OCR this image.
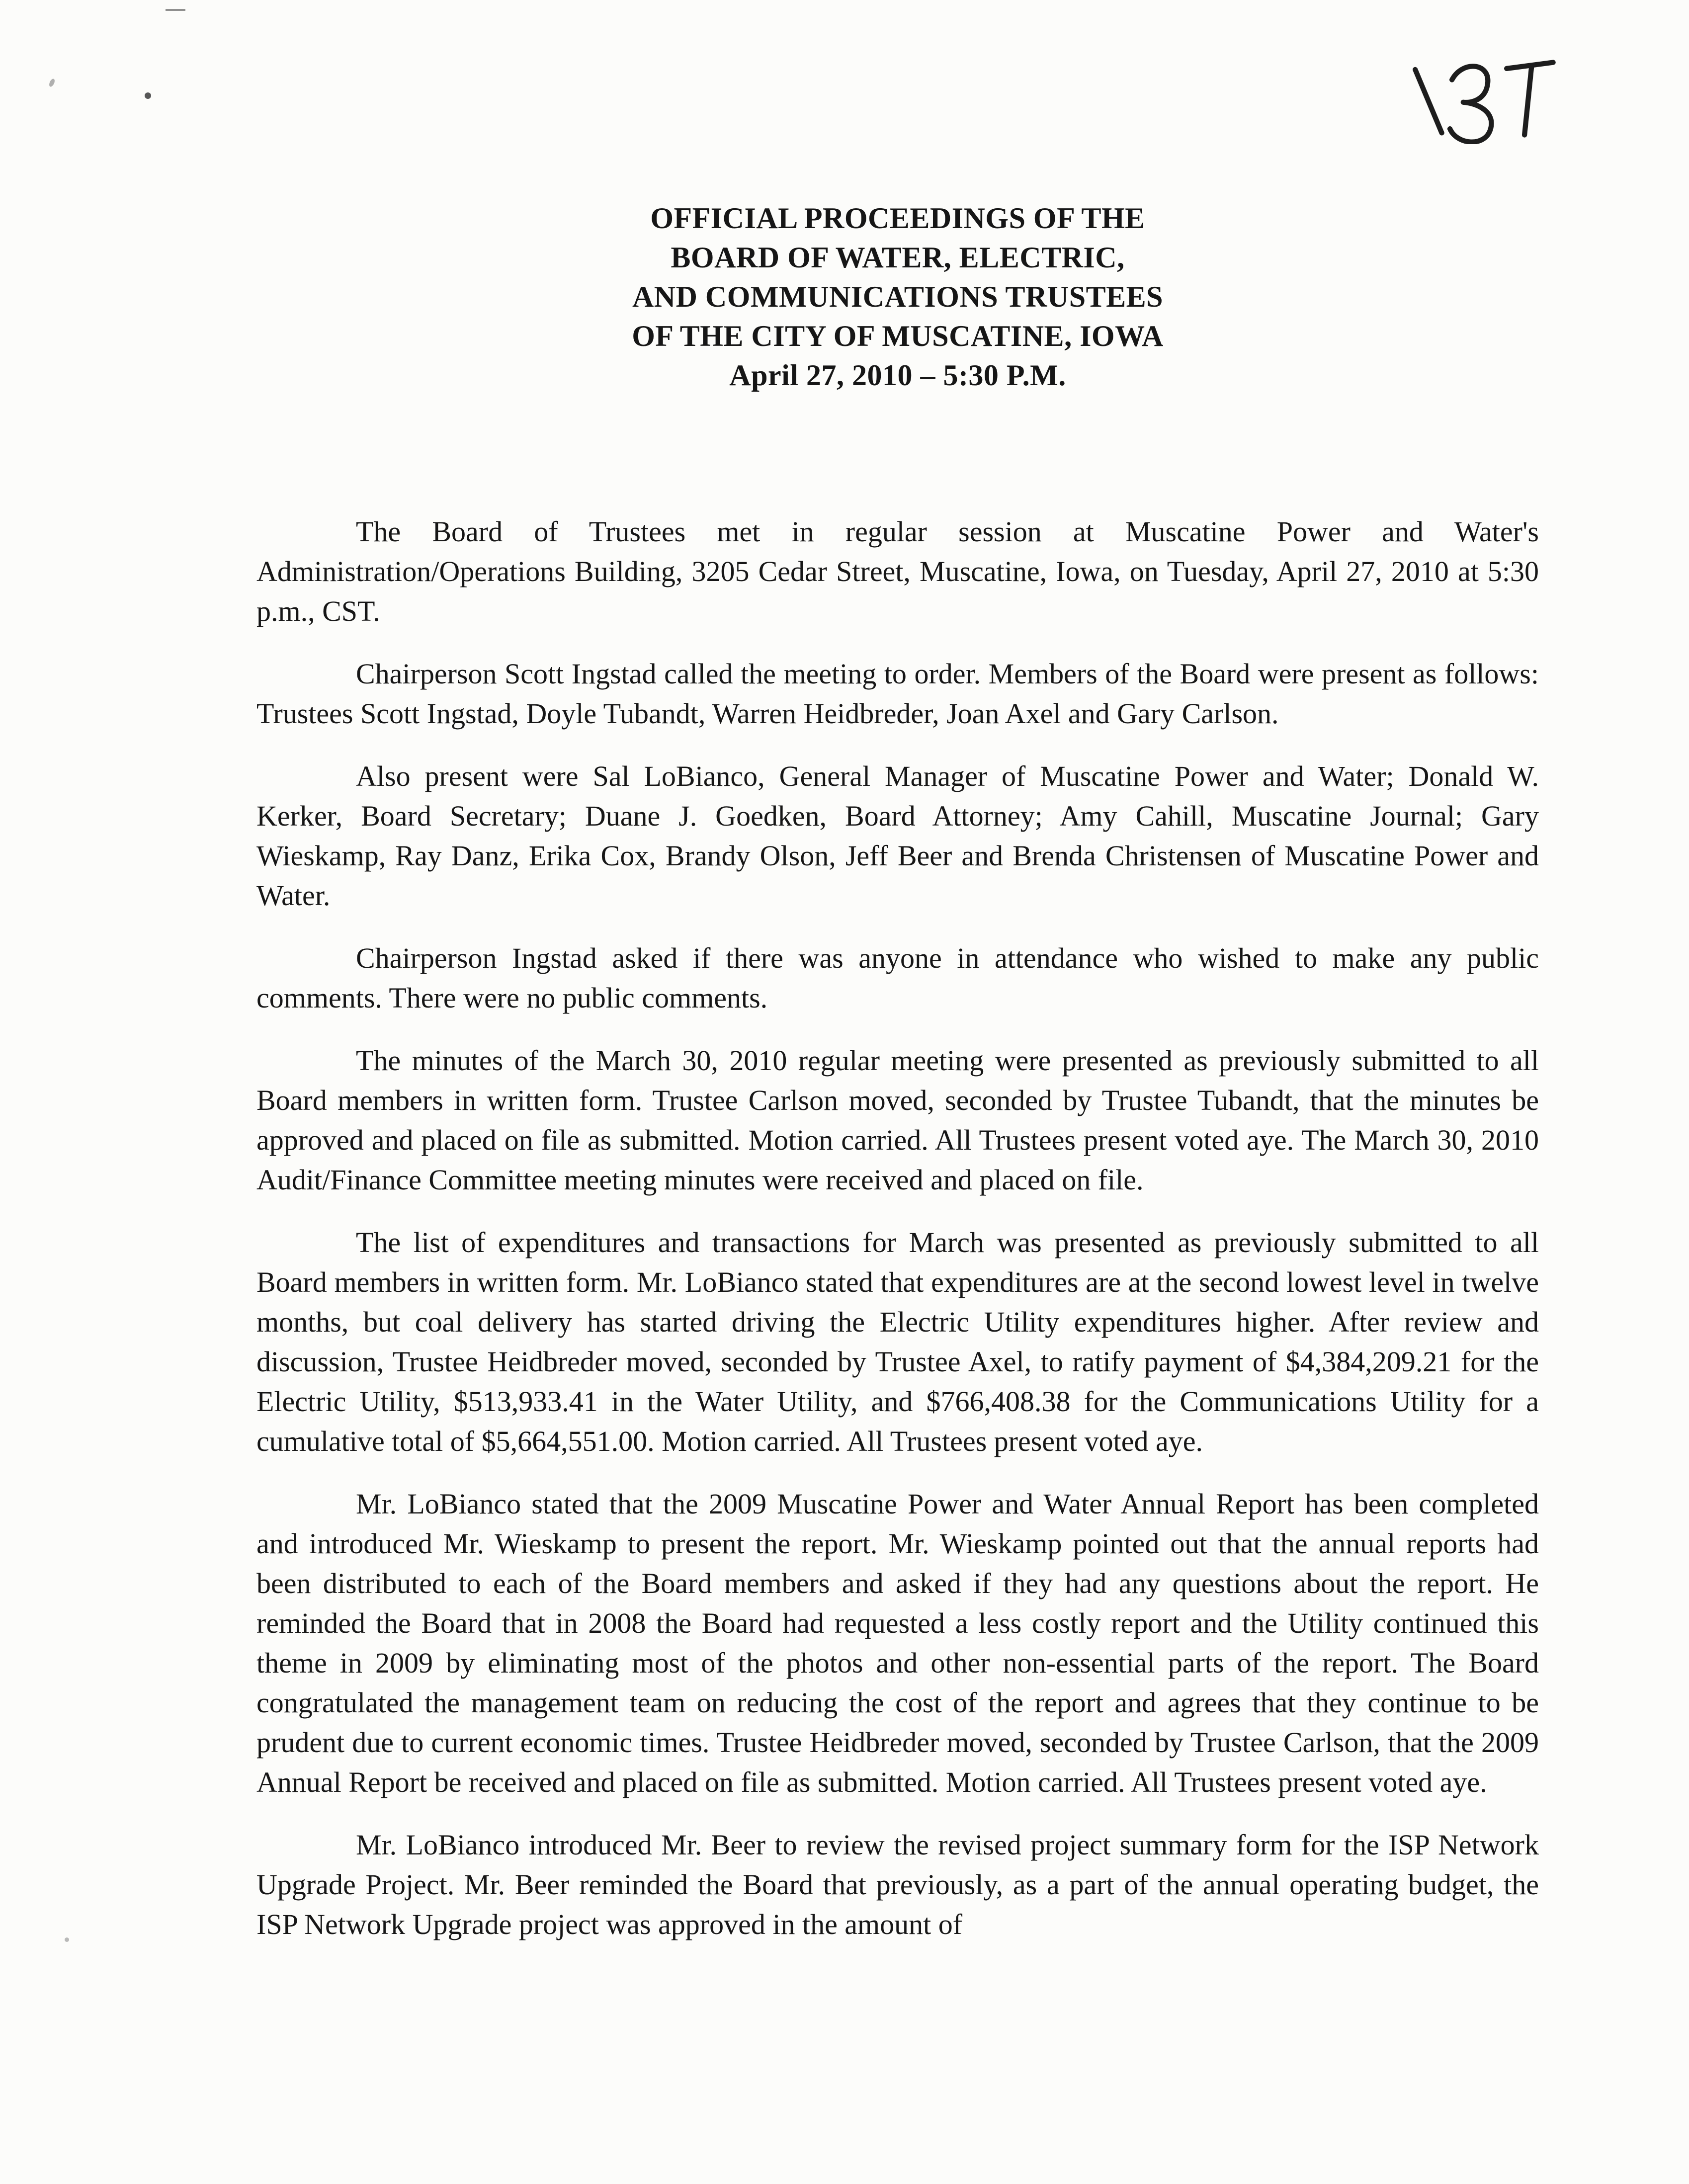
OFFICIAL PROCEEDINGS OF THE
BOARD OF WATER, ELECTRIC,
AND COMMUNICATIONS TRUSTEES
OF THE CITY OF MUSCATINE, IOWA
April 27, 2010 – 5:30 P.M.

The Board of Trustees met in regular session at Muscatine Power and Water's Administration/Operations Building, 3205 Cedar Street, Muscatine, Iowa, on Tuesday, April 27, 2010 at 5:30 p.m., CST.

Chairperson Scott Ingstad called the meeting to order. Members of the Board were present as follows: Trustees Scott Ingstad, Doyle Tubandt, Warren Heidbreder, Joan Axel and Gary Carlson.

Also present were Sal LoBianco, General Manager of Muscatine Power and Water; Donald W. Kerker, Board Secretary; Duane J. Goedken, Board Attorney; Amy Cahill, Muscatine Journal; Gary Wieskamp, Ray Danz, Erika Cox, Brandy Olson, Jeff Beer and Brenda Christensen of Muscatine Power and Water.

Chairperson Ingstad asked if there was anyone in attendance who wished to make any public comments. There were no public comments.

The minutes of the March 30, 2010 regular meeting were presented as previously submitted to all Board members in written form. Trustee Carlson moved, seconded by Trustee Tubandt, that the minutes be approved and placed on file as submitted. Motion carried. All Trustees present voted aye. The March 30, 2010 Audit/Finance Committee meeting minutes were received and placed on file.

The list of expenditures and transactions for March was presented as previously submitted to all Board members in written form. Mr. LoBianco stated that expenditures are at the second lowest level in twelve months, but coal delivery has started driving the Electric Utility expenditures higher. After review and discussion, Trustee Heidbreder moved, seconded by Trustee Axel, to ratify payment of $4,384,209.21 for the Electric Utility, $513,933.41 in the Water Utility, and $766,408.38 for the Communications Utility for a cumulative total of $5,664,551.00. Motion carried. All Trustees present voted aye.

Mr. LoBianco stated that the 2009 Muscatine Power and Water Annual Report has been completed and introduced Mr. Wieskamp to present the report. Mr. Wieskamp pointed out that the annual reports had been distributed to each of the Board members and asked if they had any questions about the report. He reminded the Board that in 2008 the Board had requested a less costly report and the Utility continued this theme in 2009 by eliminating most of the photos and other non-essential parts of the report. The Board congratulated the management team on reducing the cost of the report and agrees that they continue to be prudent due to current economic times. Trustee Heidbreder moved, seconded by Trustee Carlson, that the 2009 Annual Report be received and placed on file as submitted. Motion carried. All Trustees present voted aye.

Mr. LoBianco introduced Mr. Beer to review the revised project summary form for the ISP Network Upgrade Project. Mr. Beer reminded the Board that previously, as a part of the annual operating budget, the ISP Network Upgrade project was approved in the amount of
